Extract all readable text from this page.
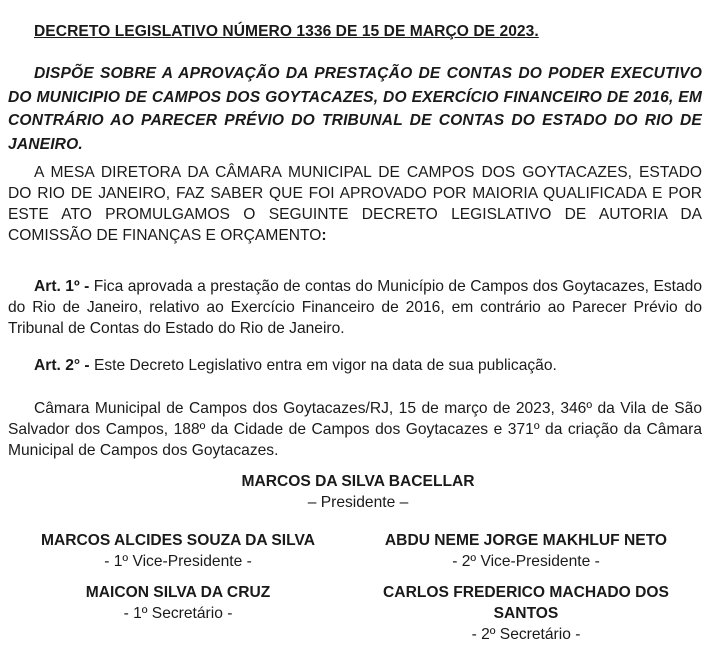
DECRETO LEGISLATIVO NÚMERO 1336 DE 15 DE MARÇO DE 2023.
DISPÕE SOBRE A APROVAÇÃO DA PRESTAÇÃO DE CONTAS DO PODER EXECUTIVO DO MUNICIPIO DE CAMPOS DOS GOYTACAZES, DO EXERCÍCIO FINANCEIRO DE 2016, EM CONTRÁRIO AO PARECER PRÉVIO DO TRIBUNAL DE CONTAS DO ESTADO DO RIO DE JANEIRO.
A MESA DIRETORA DA CÂMARA MUNICIPAL DE CAMPOS DOS GOYTACAZES, ESTADO DO RIO DE JANEIRO, FAZ SABER QUE FOI APROVADO POR MAIORIA QUALIFICADA E POR ESTE ATO PROMULGAMOS O SEGUINTE DECRETO LEGISLATIVO DE AUTORIA DA COMISSÃO DE FINANÇAS E ORÇAMENTO:
Art. 1º - Fica aprovada a prestação de contas do Município de Campos dos Goytacazes, Estado do Rio de Janeiro, relativo ao Exercício Financeiro de 2016, em contrário ao Parecer Prévio do Tribunal de Contas do Estado do Rio de Janeiro.
Art. 2° - Este Decreto Legislativo entra em vigor na data de sua publicação.
Câmara Municipal de Campos dos Goytacazes/RJ, 15 de março de 2023, 346º da Vila de São Salvador dos Campos, 188º da Cidade de Campos dos Goytacazes e 371º da criação da Câmara Municipal de Campos dos Goytacazes.
MARCOS DA SILVA BACELLAR
– Presidente –
MARCOS ALCIDES SOUZA DA SILVA
- 1º Vice-Presidente -
ABDU NEME JORGE MAKHLUF NETO
- 2º Vice-Presidente -
MAICON SILVA DA CRUZ
- 1º Secretário -
CARLOS FREDERICO MACHADO DOS SANTOS
- 2º Secretário -
